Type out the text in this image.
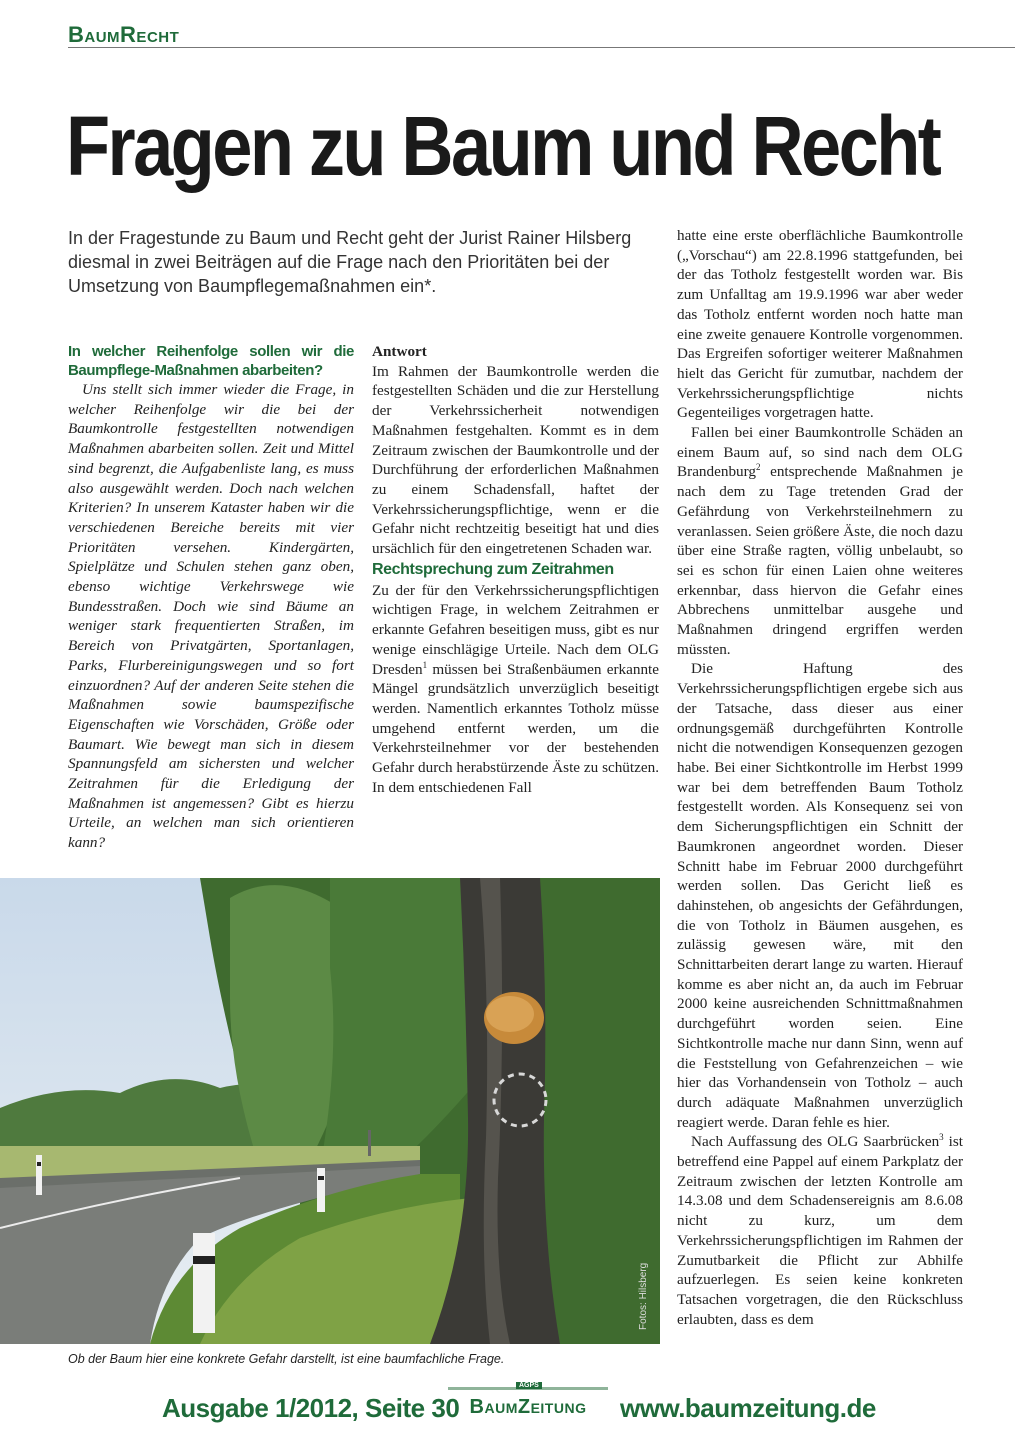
BaumRecht
Fragen zu Baum und Recht

In der Fragestunde zu Baum und Recht geht der Jurist Rainer Hilsberg diesmal in zwei Beiträgen auf die Frage nach den Prioritäten bei der Umsetzung von Baumpflegemaßnahmen ein*.

In welcher Reihenfolge sollen wir die Baumpflege-Maßnahmen abarbeiten?

Uns stellt sich immer wieder die Frage, in welcher Reihenfolge wir die bei der Baumkontrolle festgestellten notwendigen Maßnahmen abarbeiten sollen. Zeit und Mittel sind begrenzt, die Aufgabenliste lang, es muss also ausgewählt werden. Doch nach welchen Kriterien? In unserem Kataster haben wir die verschiedenen Bereiche bereits mit vier Prioritäten versehen. Kindergärten, Spielplätze und Schulen stehen ganz oben, ebenso wichtige Verkehrswege wie Bundesstraßen. Doch wie sind Bäume an weniger stark frequentierten Straßen, im Bereich von Privatgärten, Sportanlagen, Parks, Flurbereinigungswegen und so fort einzuordnen? Auf der anderen Seite stehen die Maßnahmen sowie baumspezifische Eigenschaften wie Vorschäden, Größe oder Baumart. Wie bewegt man sich in diesem Spannungsfeld am sichersten und welcher Zeitrahmen für die Erledigung der Maßnahmen ist angemessen? Gibt es hierzu Urteile, an welchen man sich orientieren kann?

Antwort

Im Rahmen der Baumkontrolle werden die festgestellten Schäden und die zur Herstellung der Verkehrssicherheit notwendigen Maßnahmen festgehalten. Kommt es in dem Zeitraum zwischen der Baumkontrolle und der Durchführung der erforderlichen Maßnahmen zu einem Schadensfall, haftet der Verkehrssicherungspflichtige, wenn er die Gefahr nicht rechtzeitig beseitigt hat und dies ursächlich für den eingetretenen Schaden war.

Rechtsprechung zum Zeitrahmen

Zu der für den Verkehrssicherungspflichtigen wichtigen Frage, in welchem Zeitrahmen er erkannte Gefahren beseitigen muss, gibt es nur wenige einschlägige Urteile. Nach dem OLG Dresden$^1$ müssen bei Straßenbäumen erkannte Mängel grundsätzlich unverzüglich beseitigt werden. Namentlich erkanntes Totholz müsse umgehend entfernt werden, um die Verkehrsteilnehmer vor der bestehenden Gefahr durch herabstürzende Äste zu schützen. In dem entschiedenen Fall

hatte eine erste oberflächliche Baumkontrolle („Vorschau“) am 22.8.1996 stattgefunden, bei der das Totholz festgestellt worden war. Bis zum Unfalltag am 19.9.1996 war aber weder das Totholz entfernt worden noch hatte man eine zweite genauere Kontrolle vorgenommen. Das Ergreifen sofortiger weiterer Maßnahmen hielt das Gericht für zumutbar, nachdem der Verkehrssicherungspflichtige nichts Gegenteiliges vorgetragen hatte.

Fallen bei einer Baumkontrolle Schäden an einem Baum auf, so sind nach dem OLG Brandenburg$^2$ entsprechende Maßnahmen je nach dem zu Tage tretenden Grad der Gefährdung von Verkehrsteilnehmern zu veranlassen. Seien größere Äste, die noch dazu über eine Straße ragten, völlig unbelaubt, so sei es schon für einen Laien ohne weiteres erkennbar, dass hiervon die Gefahr eines Abbrechens unmittelbar ausgehe und Maßnahmen dringend ergriffen werden müssten.

Die Haftung des Verkehrssicherungspflichtigen ergebe sich aus der Tatsache, dass dieser aus einer ordnungsgemäß durchgeführten Kontrolle nicht die notwendigen Konsequenzen gezogen habe. Bei einer Sichtkontrolle im Herbst 1999 war bei dem betreffenden Baum Totholz festgestellt worden. Als Konsequenz sei von dem Sicherungspflichtigen ein Schnitt der Baumkronen angeordnet worden. Dieser Schnitt habe im Februar 2000 durchgeführt werden sollen. Das Gericht ließ es dahinstehen, ob angesichts der Gefährdungen, die von Totholz in Bäumen ausgehen, es zulässig gewesen wäre, mit den Schnittarbeiten derart lange zu warten. Hierauf komme es aber nicht an, da auch im Februar 2000 keine ausreichenden Schnittmaßnahmen durchgeführt worden seien. Eine Sichtkontrolle mache nur dann Sinn, wenn auf die Feststellung von Gefahrenzeichen – wie hier das Vorhandensein von Totholz – auch durch adäquate Maßnahmen unverzüglich reagiert werde. Daran fehle es hier.

Nach Auffassung des OLG Saarbrücken$^3$ ist betreffend eine Pappel auf einem Parkplatz der Zeitraum zwischen der letzten Kontrolle am 14.3.08 und dem Schadensereignis am 8.6.08 nicht zu kurz, um dem Verkehrssicherungspflichtigen im Rahmen der Zumutbarkeit die Pflicht zur Abhilfe aufzuerlegen. Es seien keine konkreten Tatsachen vorgetragen, die den Rückschluss erlaubten, dass es dem

Fotos: Hilsberg

Ob der Baum hier eine konkrete Gefahr darstellt, ist eine baumfachliche Frage.

Ausgabe 1/2012, Seite 30
AGPS
BaumZeitung	www.baumzeitung.de
